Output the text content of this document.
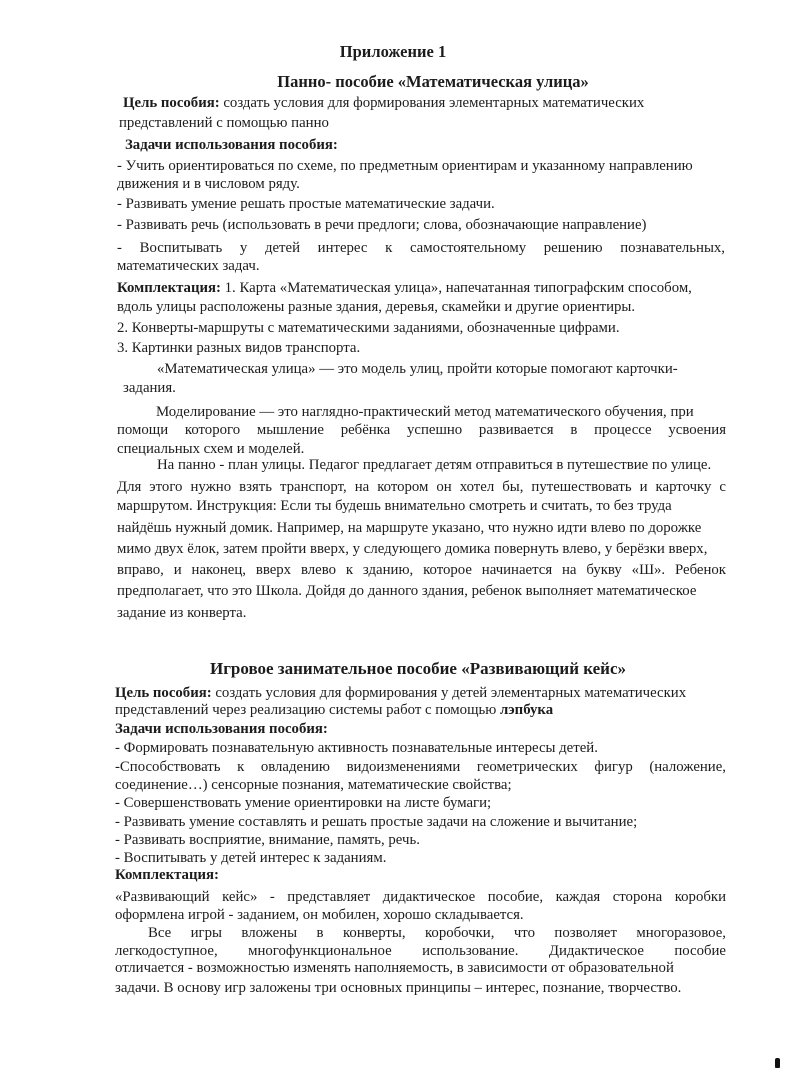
Приложение 1
Панно- пособие «Математическая улица»
Цель пособия: создать условия для формирования элементарных математических
представлений с помощью панно
Задачи использования пособия:
- Учить ориентироваться по схеме, по предметным ориентирам и указанному направлению
движения и в числовом ряду.
- Развивать умение решать простые математические задачи.
- Развивать речь (использовать в речи предлоги; слова, обозначающие направление)
- Воспитывать у детей интерес к самостоятельному решению познавательных,
математических задач.
Комплектация: 1. Карта «Математическая улица», напечатанная типографским способом,
вдоль улицы расположены разные здания, деревья, скамейки и другие ориентиры.
2. Конверты-маршруты с математическими заданиями, обозначенные цифрами.
3. Картинки разных видов транспорта.
«Математическая улица» — это модель улиц, пройти которые помогают карточки-
задания.
Моделирование — это наглядно-практический метод математического обучения, при
помощи которого мышление ребёнка успешно развивается в процессе усвоения
специальных схем и моделей.
На панно - план улицы. Педагог предлагает детям отправиться в путешествие по улице.
Для этого нужно взять транспорт, на котором он хотел бы, путешествовать и карточку с
маршрутом. Инструкция: Если ты будешь внимательно смотреть и считать, то без труда
найдёшь нужный домик. Например, на маршруте указано, что нужно идти влево по дорожке
мимо двух ёлок, затем пройти вверх, у следующего домика повернуть влево, у берёзки вверх,
вправо, и наконец, вверх влево к зданию, которое начинается на букву «Ш». Ребенок
предполагает, что это Школа. Дойдя до данного здания, ребенок выполняет математическое
задание из конверта.
Игровое занимательное пособие «Развивающий кейс»
Цель пособия: создать условия для формирования у детей элементарных математических
представлений через реализацию системы работ с помощью лэпбука
Задачи использования пособия:
- Формировать познавательную активность познавательные интересы детей.
-Способствовать к овладению видоизменениями геометрических фигур (наложение,
соединение…) сенсорные познания, математические свойства;
- Совершенствовать умение ориентировки на листе бумаги;
- Развивать умение составлять и решать простые задачи на сложение и вычитание;
- Развивать восприятие, внимание, память, речь.
- Воспитывать у детей интерес к заданиям.
Комплектация:
«Развивающий кейс» - представляет дидактическое пособие, каждая сторона коробки
оформлена игрой - заданием, он мобилен, хорошо складывается.
Все игры вложены в конверты, коробочки, что позволяет многоразовое,
легкодоступное, многофункциональное использование. Дидактическое пособие
отличается - возможностью изменять наполняемость, в зависимости от образовательной
задачи. В основу игр заложены три основных принципы – интерес, познание, творчество.
